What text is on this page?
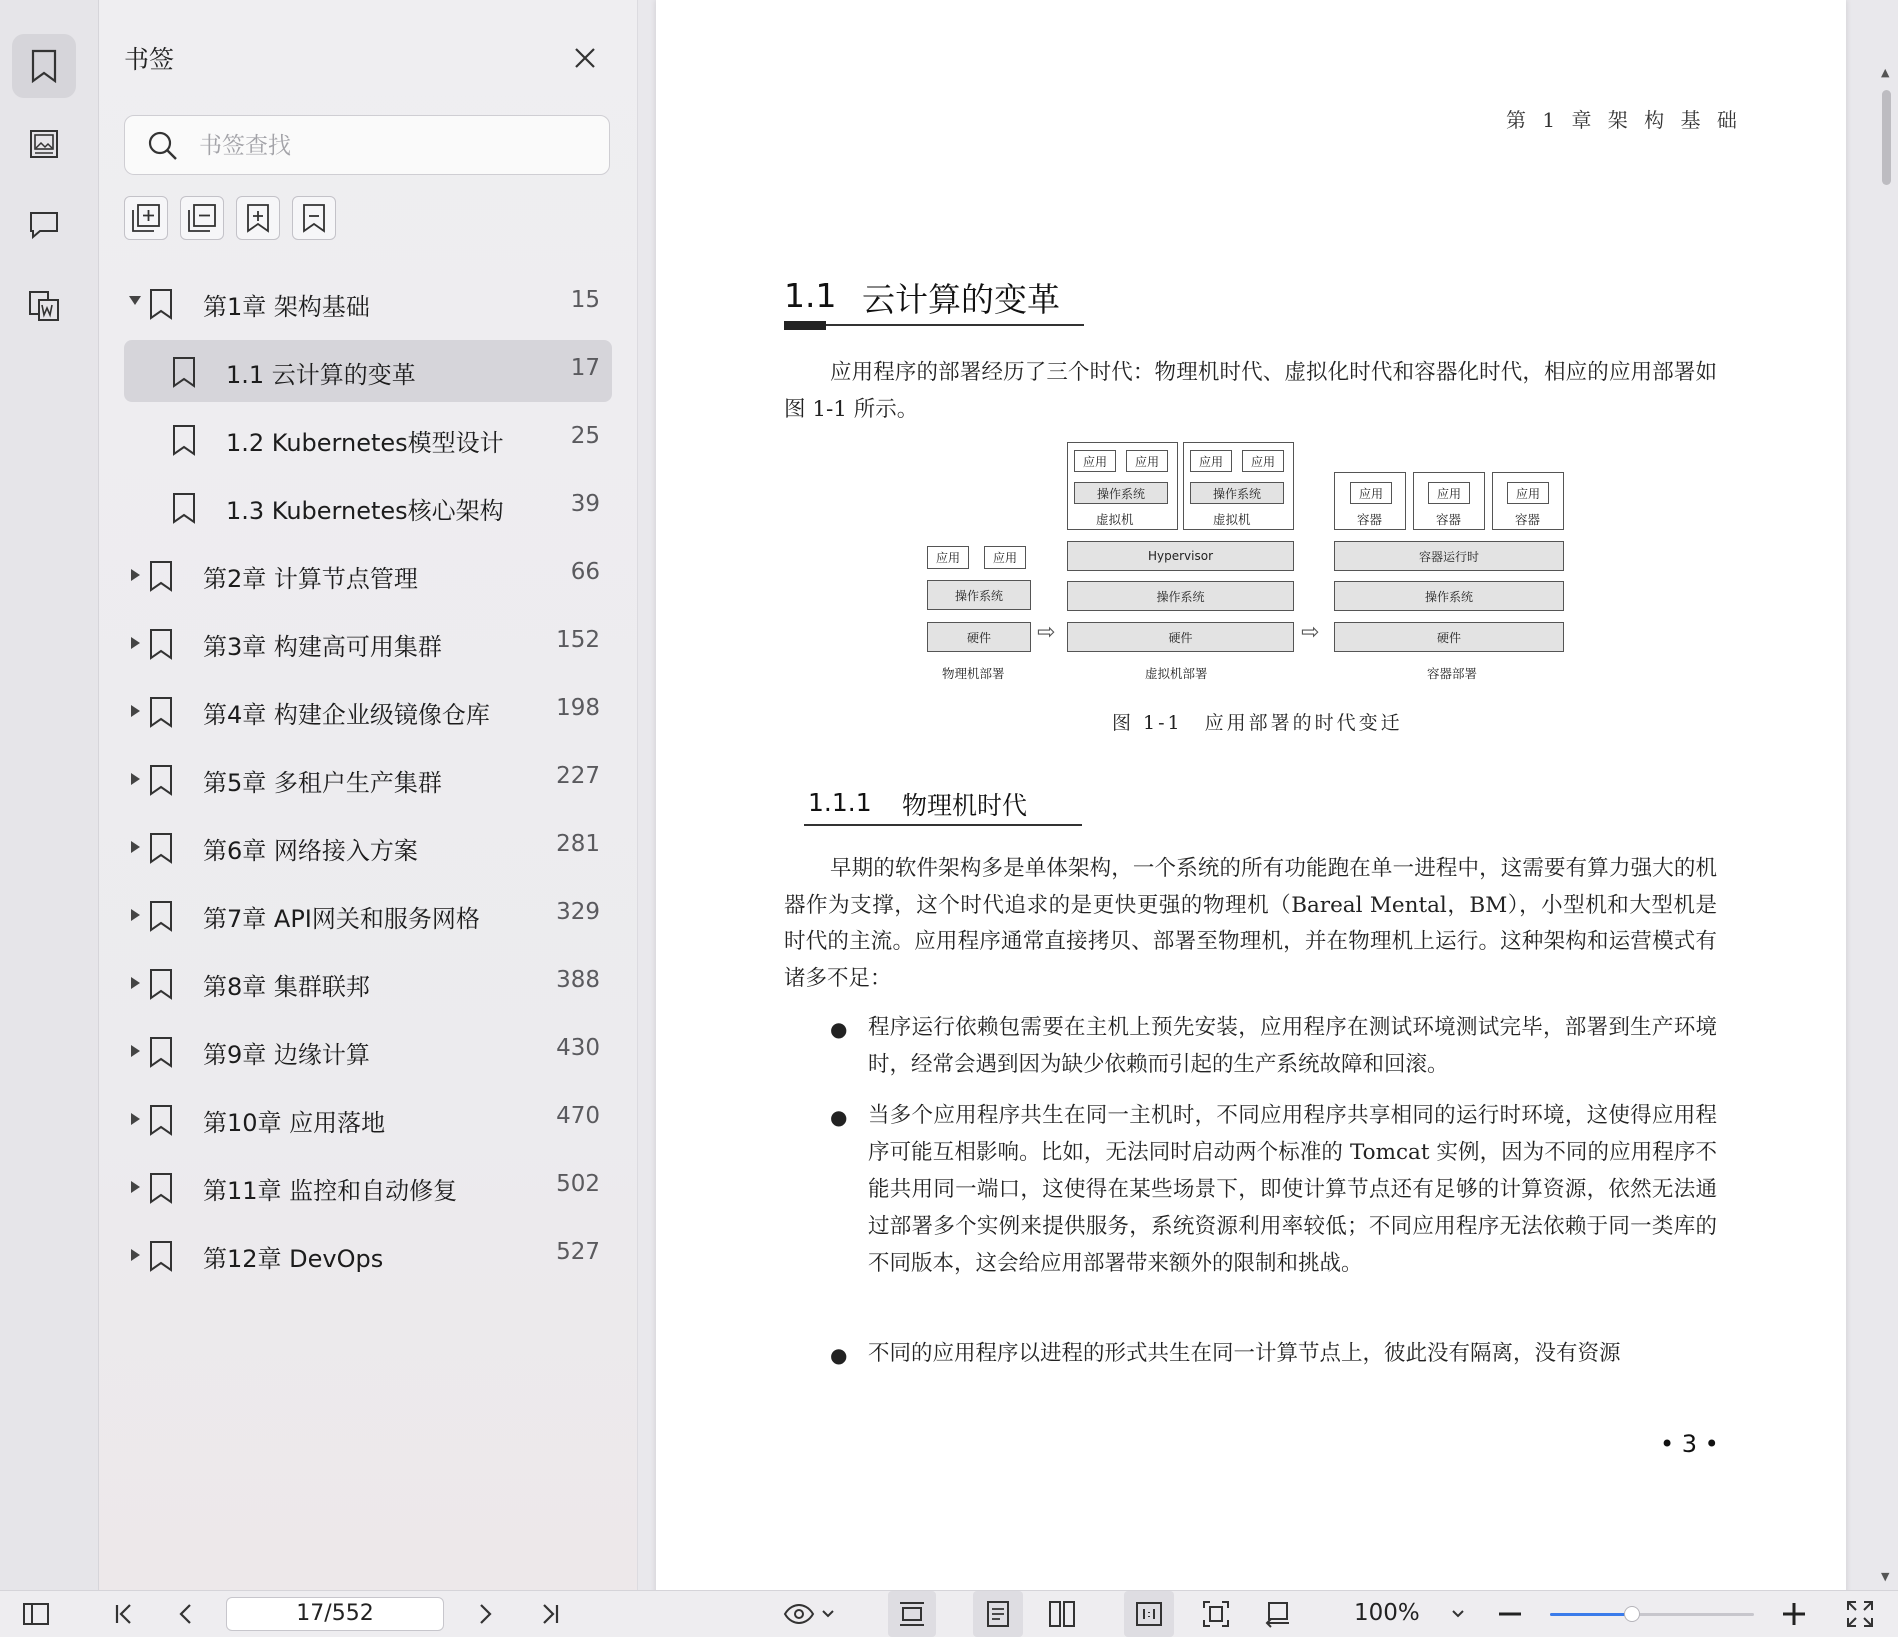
书签
书签查找
第1章 架构基础	15
1.1 云计算的变革	17
1.2 Kubernetes模型设计	25
1.3 Kubernetes核心架构	39
第2章 计算节点管理	66
第3章 构建高可用集群	152
第4章 构建企业级镜像仓库	198
第5章 多租户生产集群	227
第6章 网络接入方案	281
第7章 API网关和服务网格	329
第8章 集群联邦	388
第9章 边缘计算	430
第10章 应用落地	470
第11章 监控和自动修复	502
第12章 DevOps	527
▲
▼
第 1 章 架 构 基 础
1.1 云计算的变革
应用程序的部署经历了三个时代：物理机时代、虚拟化时代和容器化时代，相应的应用部署如图 1-1 所示。
应用	应用
操作系统
硬件
物理机部署
⇨
应用	应用
操作系统
虚拟机
应用	应用
操作系统
虚拟机
Hypervisor
操作系统
硬件
虚拟机部署
⇨
应用
容器
应用
容器
应用
容器
容器运行时
操作系统
硬件
容器部署
图 1-1　应用部署的时代变迁
1.1.1 物理机时代
早期的软件架构多是单体架构，一个系统的所有功能跑在单一进程中，这需要有算力强大的机器作为支撑，这个时代追求的是更快更强的物理机（Bareal Mental，BM），小型机和大型机是时代的主流。应用程序通常直接拷贝、部署至物理机，并在物理机上运行。这种架构和运营模式有诸多不足：
● 程序运行依赖包需要在主机上预先安装，应用程序在测试环境测试完毕，部署到生产环境时，经常会遇到因为缺少依赖而引起的生产系统故障和回滚。
● 当多个应用程序共生在同一主机时，不同应用程序共享相同的运行时环境，这使得应用程序可能互相影响。比如，无法同时启动两个标准的 Tomcat 实例，因为不同的应用程序不能共用同一端口，这使得在某些场景下，即使计算节点还有足够的计算资源，依然无法通过部署多个实例来提供服务，系统资源利用率较低；不同应用程序无法依赖于同一类库的不同版本，这会给应用部署带来额外的限制和挑战。
● 不同的应用程序以进程的形式共生在同一计算节点上，彼此没有隔离，没有资源
• 3 •
17/552	100%
